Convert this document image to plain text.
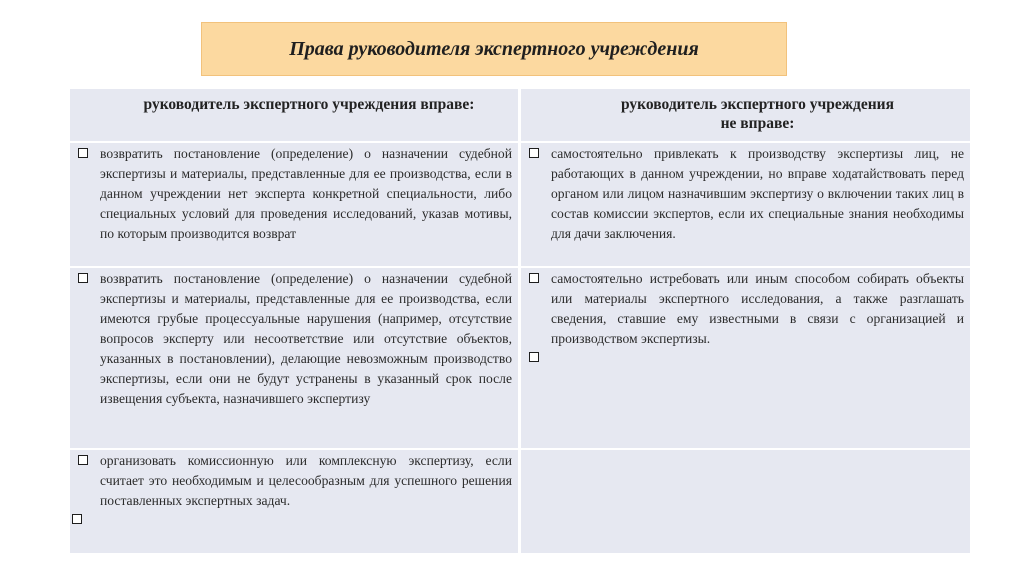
Права руководителя экспертного учреждения
руководитель экспертного учреждения вправе:	руководитель экспертного учреждения
не вправе:
возвратить постановление (определение) о назначении судебной экспертизы и материалы, представленные для ее производства, если в данном учреждении нет эксперта конкретной специальности, либо специальных условий для проведения исследований, указав мотивы, по которым производится возврат
самостоятельно привлекать к производству экспертизы лиц, не работающих в данном учреждении, но вправе ходатайствовать перед органом или лицом назначившим экспертизу о включении таких лиц в состав комиссии экспертов, если их специальные знания необходимы для дачи заключения.
возвратить постановление (определение) о назначении судебной экспертизы и материалы, представленные для ее производства, если имеются грубые процессуальные нарушения (например, отсутствие вопросов эксперту или несоответствие или отсутствие объектов, указанных в постановлении), делающие невозможным производство экспертизы, если они не будут устранены в указанный срок после извещения субъекта, назначившего экспертизу
самостоятельно истребовать или иным способом собирать объекты или материалы экспертного исследования, а также разглашать сведения, ставшие ему известными в связи с организацией и производством экспертизы.
организовать комиссионную или комплексную экспертизу, если считает это необходимым и целесообразным для успешного решения поставленных экспертных задач.
